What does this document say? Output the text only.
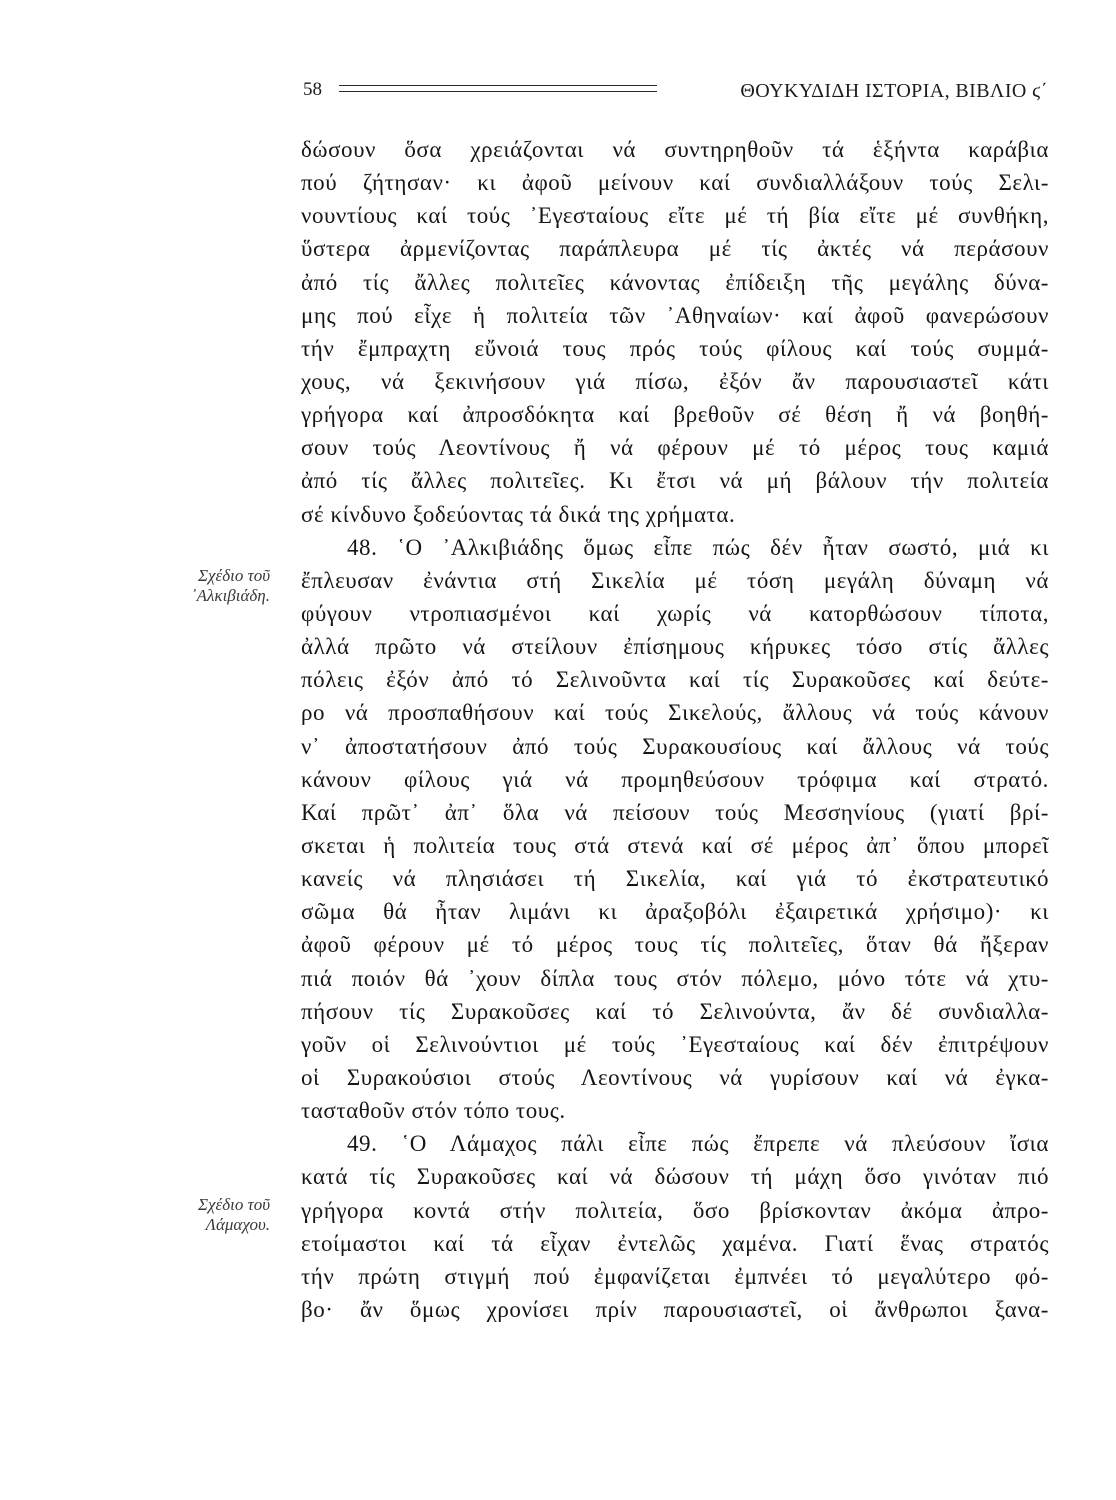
58	ΘΟΥΚΥΔΙΔΗ ΙΣΤΟΡΙΑ, ΒΙΒΛΙΟ ϛ΄
Σχέδιο τοῦ
᾿Αλκιβιάδη.
Σχέδιο τοῦ
Λάμαχου.
δώσουν ὅσα χρειάζονται νά συντηρηθοῦν τά ἑξήντα καράβια
πού ζήτησαν· κι ἀφοῦ μείνουν καί συνδιαλλάξουν τούς Σελι-
νουντίους καί τούς ᾿Εγεσταίους εἴτε μέ τή βία εἴτε μέ συνθήκη,
ὕστερα ἀρμενίζοντας παράπλευρα μέ τίς ἀκτές νά περάσουν
ἀπό τίς ἄλλες πολιτεῖες κάνοντας ἐπίδειξη τῆς μεγάλης δύνα-
μης πού εἶχε ἡ πολιτεία τῶν ᾿Αθηναίων· καί ἀφοῦ φανερώσουν
τήν ἔμπραχτη εὔνοιά τους πρός τούς φίλους καί τούς συμμά-
χους, νά ξεκινήσουν γιά πίσω, ἐξόν ἄν παρουσιαστεῖ κάτι
γρήγορα καί ἀπροσδόκητα καί βρεθοῦν σέ θέση ἤ νά βοηθή-
σουν τούς Λεοντίνους ἤ νά φέρουν μέ τό μέρος τους καμιά
ἀπό τίς ἄλλες πολιτεῖες. Κι ἔτσι νά μή βάλουν τήν πολιτεία
σέ κίνδυνο ξοδεύοντας τά δικά της χρήματα.
48. ῾Ο ᾿Αλκιβιάδης ὅμως εἶπε πώς δέν ἦταν σωστό, μιά κι
ἔπλευσαν ἐνάντια στή Σικελία μέ τόση μεγάλη δύναμη νά
φύγουν ντροπιασμένοι καί χωρίς νά κατορθώσουν τίποτα,
ἀλλά πρῶτο νά στείλουν ἐπίσημους κήρυκες τόσο στίς ἄλλες
πόλεις ἐξόν ἀπό τό Σελινοῦντα καί τίς Συρακοῦσες καί δεύτε-
ρο νά προσπαθήσουν καί τούς Σικελούς, ἄλλους νά τούς κάνουν
ν᾿ ἀποστατήσουν ἀπό τούς Συρακουσίους καί ἄλλους νά τούς
κάνουν φίλους γιά νά προμηθεύσουν τρόφιμα καί στρατό.
Καί πρῶτ᾿ ἀπ᾿ ὅλα νά πείσουν τούς Μεσσηνίους (γιατί βρί-
σκεται ἡ πολιτεία τους στά στενά καί σέ μέρος ἀπ᾿ ὅπου μπορεῖ
κανείς νά πλησιάσει τή Σικελία, καί γιά τό ἐκστρατευτικό
σῶμα θά ἦταν λιμάνι κι ἀραξοβόλι ἐξαιρετικά χρήσιμο)· κι
ἀφοῦ φέρουν μέ τό μέρος τους τίς πολιτεῖες, ὅταν θά ἤξεραν
πιά ποιόν θά ᾿χουν δίπλα τους στόν πόλεμο, μόνο τότε νά χτυ-
πήσουν τίς Συρακοῦσες καί τό Σελινούντα, ἄν δέ συνδιαλλα-
γοῦν οἱ Σελινούντιοι μέ τούς ᾿Εγεσταίους καί δέν ἐπιτρέψουν
οἱ Συρακούσιοι στούς Λεοντίνους νά γυρίσουν καί νά ἐγκα-
τασταθοῦν στόν τόπο τους.
49. ῾Ο Λάμαχος πάλι εἶπε πώς ἔπρεπε νά πλεύσουν ἴσια
κατά τίς Συρακοῦσες καί νά δώσουν τή μάχη ὅσο γινόταν πιό
γρήγορα κοντά στήν πολιτεία, ὅσο βρίσκονταν ἀκόμα ἀπρο-
ετοίμαστοι καί τά εἶχαν ἐντελῶς χαμένα. Γιατί ἕνας στρατός
τήν πρώτη στιγμή πού ἐμφανίζεται ἐμπνέει τό μεγαλύτερο φό-
βο· ἄν ὅμως χρονίσει πρίν παρουσιαστεῖ, οἱ ἄνθρωποι ξανα-
